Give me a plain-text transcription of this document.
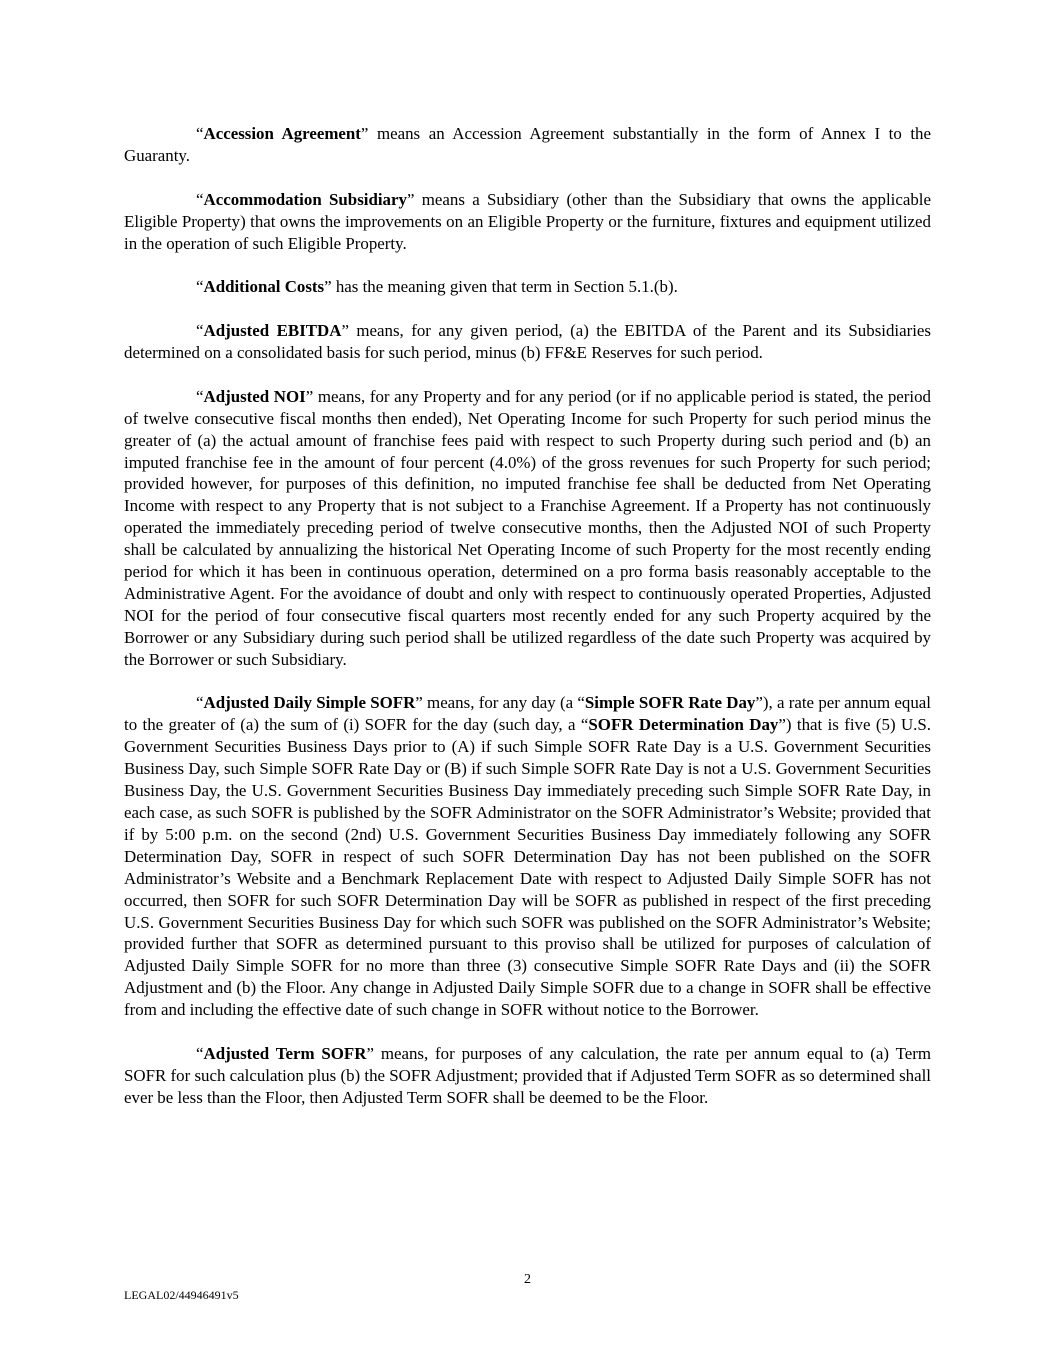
“Accession Agreement” means an Accession Agreement substantially in the form of Annex I to the Guaranty.

“Accommodation Subsidiary” means a Subsidiary (other than the Subsidiary that owns the applicable Eligible Property) that owns the improvements on an Eligible Property or the furniture, fixtures and equipment utilized in the operation of such Eligible Property.

“Additional Costs” has the meaning given that term in Section 5.1.(b).

“Adjusted EBITDA” means, for any given period, (a) the EBITDA of the Parent and its Subsidiaries determined on a consolidated basis for such period, minus (b) FF&E Reserves for such period.

“Adjusted NOI” means, for any Property and for any period (or if no applicable period is stated, the period of twelve consecutive fiscal months then ended), Net Operating Income for such Property for such period minus the greater of (a) the actual amount of franchise fees paid with respect to such Property during such period and (b) an imputed franchise fee in the amount of four percent (4.0%) of the gross revenues for such Property for such period; provided however, for purposes of this definition, no imputed franchise fee shall be deducted from Net Operating Income with respect to any Property that is not subject to a Franchise Agreement. If a Property has not continuously operated the immediately preceding period of twelve consecutive months, then the Adjusted NOI of such Property shall be calculated by annualizing the historical Net Operating Income of such Property for the most recently ending period for which it has been in continuous operation, determined on a pro forma basis reasonably acceptable to the Administrative Agent. For the avoidance of doubt and only with respect to continuously operated Properties, Adjusted NOI for the period of four consecutive fiscal quarters most recently ended for any such Property acquired by the Borrower or any Subsidiary during such period shall be utilized regardless of the date such Property was acquired by the Borrower or such Subsidiary.

“Adjusted Daily Simple SOFR” means, for any day (a “Simple SOFR Rate Day”), a rate per annum equal to the greater of (a) the sum of (i) SOFR for the day (such day, a “SOFR Determination Day”) that is five (5) U.S. Government Securities Business Days prior to (A) if such Simple SOFR Rate Day is a U.S. Government Securities Business Day, such Simple SOFR Rate Day or (B) if such Simple SOFR Rate Day is not a U.S. Government Securities Business Day, the U.S. Government Securities Business Day immediately preceding such Simple SOFR Rate Day, in each case, as such SOFR is published by the SOFR Administrator on the SOFR Administrator’s Website; provided that if by 5:00 p.m. on the second (2nd) U.S. Government Securities Business Day immediately following any SOFR Determination Day, SOFR in respect of such SOFR Determination Day has not been published on the SOFR Administrator’s Website and a Benchmark Replacement Date with respect to Adjusted Daily Simple SOFR has not occurred, then SOFR for such SOFR Determination Day will be SOFR as published in respect of the first preceding U.S. Government Securities Business Day for which such SOFR was published on the SOFR Administrator’s Website; provided further that SOFR as determined pursuant to this proviso shall be utilized for purposes of calculation of Adjusted Daily Simple SOFR for no more than three (3) consecutive Simple SOFR Rate Days and (ii) the SOFR Adjustment and (b) the Floor. Any change in Adjusted Daily Simple SOFR due to a change in SOFR shall be effective from and including the effective date of such change in SOFR without notice to the Borrower.

“Adjusted Term SOFR” means, for purposes of any calculation, the rate per annum equal to (a) Term SOFR for such calculation plus (b) the SOFR Adjustment; provided that if Adjusted Term SOFR as so determined shall ever be less than the Floor, then Adjusted Term SOFR shall be deemed to be the Floor.

2
LEGAL02/44946491v5
